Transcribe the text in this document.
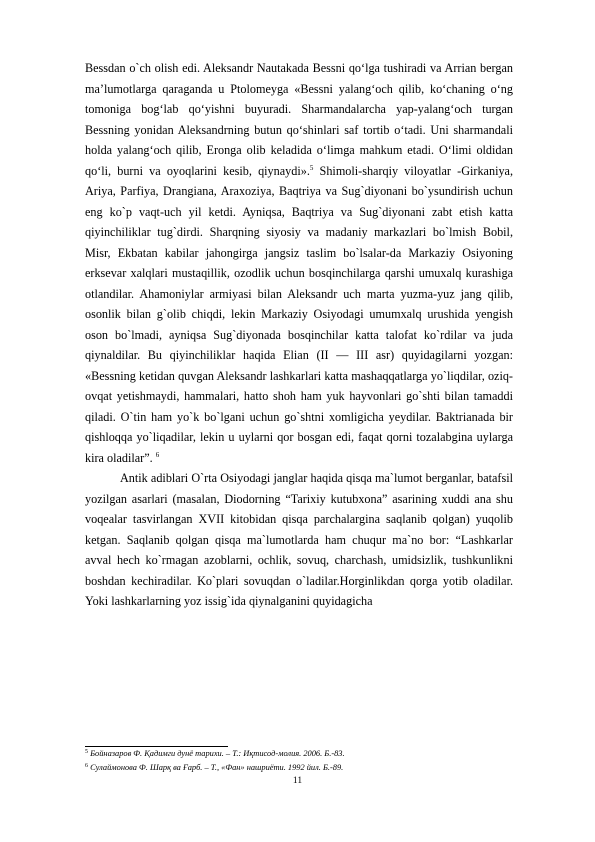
Bessdan o`ch olish edi. Aleksandr Nautakada Bessni qo‘lga tushiradi va Arrian bergan ma’lumotlarga qaraganda u Ptolomeyga «Bessni yalang‘och qilib, ko‘chaning o‘ng tomoniga bog‘lab qo‘yishni buyuradi. Sharmandalarcha yap-yalang‘och turgan Bessning yonidan Aleksandrning butun qo‘shinlari saf tortib o‘tadi. Uni sharmandali holda yalang‘och qilib, Eronga olib keladida o‘limga mahkum etadi. O‘limi oldidan qo‘li, burni va oyoqlarini kesib, qiynaydi».$^5$ Shimoli-sharqiy viloyatlar -Girkaniya, Ariya, Parfiya, Drangiana, Araxoziya, Baqtriya va Sug`diyonani bo`ysundirish uchun eng ko`p vaqt-uch yil ketdi. Ayniqsa, Baqtriya va Sug`diyonani zabt etish katta qiyinchiliklar tug`dirdi. Sharqning siyosiy va madaniy markazlari bo`lmish Bobil, Misr, Ekbatan kabilar jahongirga jangsiz taslim bo`lsalar-da Markaziy Osiyoning erksevar xalqlari mustaqillik, ozodlik uchun bosqinchilarga qarshi umuxalq kurashiga otlandilar. Ahamoniylar armiyasi bilan Aleksandr uch marta yuzma-yuz jang qilib, osonlik bilan g`olib chiqdi, lekin Markaziy Osiyodagi umumxalq urushida yengish oson bo`lmadi, ayniqsa Sug`diyonada bosqinchilar katta talofat ko`rdilar va juda qiynaldilar. Bu qiyinchiliklar haqida Elian (II — III asr) quyidagilarni yozgan: «Bessning ketidan quvgan Aleksandr lashkarlari katta mashaqqatlarga yo`liqdilar, oziq- ovqat yetishmaydi, hammalari, hatto shoh ham yuk hayvonlari go`shti bilan tamaddi qiladi. O`tin ham yo`k bo`lgani uchun go`shtni xomligicha yeydilar. Baktrianada bir qishloqqa yo`liqadilar, lekin u uylarni qor bosgan edi, faqat qorni tozalabgina uylarga kira oladilar”. $^6$

Antik adiblari O`rta Osiyodagi janglar haqida qisqa ma`lumot berganlar, batafsil yozilgan asarlari (masalan, Diodorning “Tarixiy kutubxona” asarining xuddi ana shu voqealar tasvirlangan XVII kitobidan qisqa parchalargina saqlanib qolgan) yuqolib ketgan. Saqlanib qolgan qisqa ma`lumotlarda ham chuqur ma`no bor: “Lashkarlar avval hech ko`rmagan azoblarni, ochlik, sovuq, charchash, umidsizlik, tushkunlikni boshdan kechiradilar. Ko`plari sovuqdan o`ladilar.Horginlikdan qorga yotib oladilar. Yoki lashkarlarning yoz issig`ida qiynalganini quyidagicha

$^5$ Бойназаров Ф. Қадимги дунё тарихи. – Т.: Иқтисод-молия. 2006. Б.-83.
$^6$ Сулаймонова Ф. Шарқ ва Ғарб. – Т., «Фан» нашриёти. 1992 йил. Б.-89.
11
